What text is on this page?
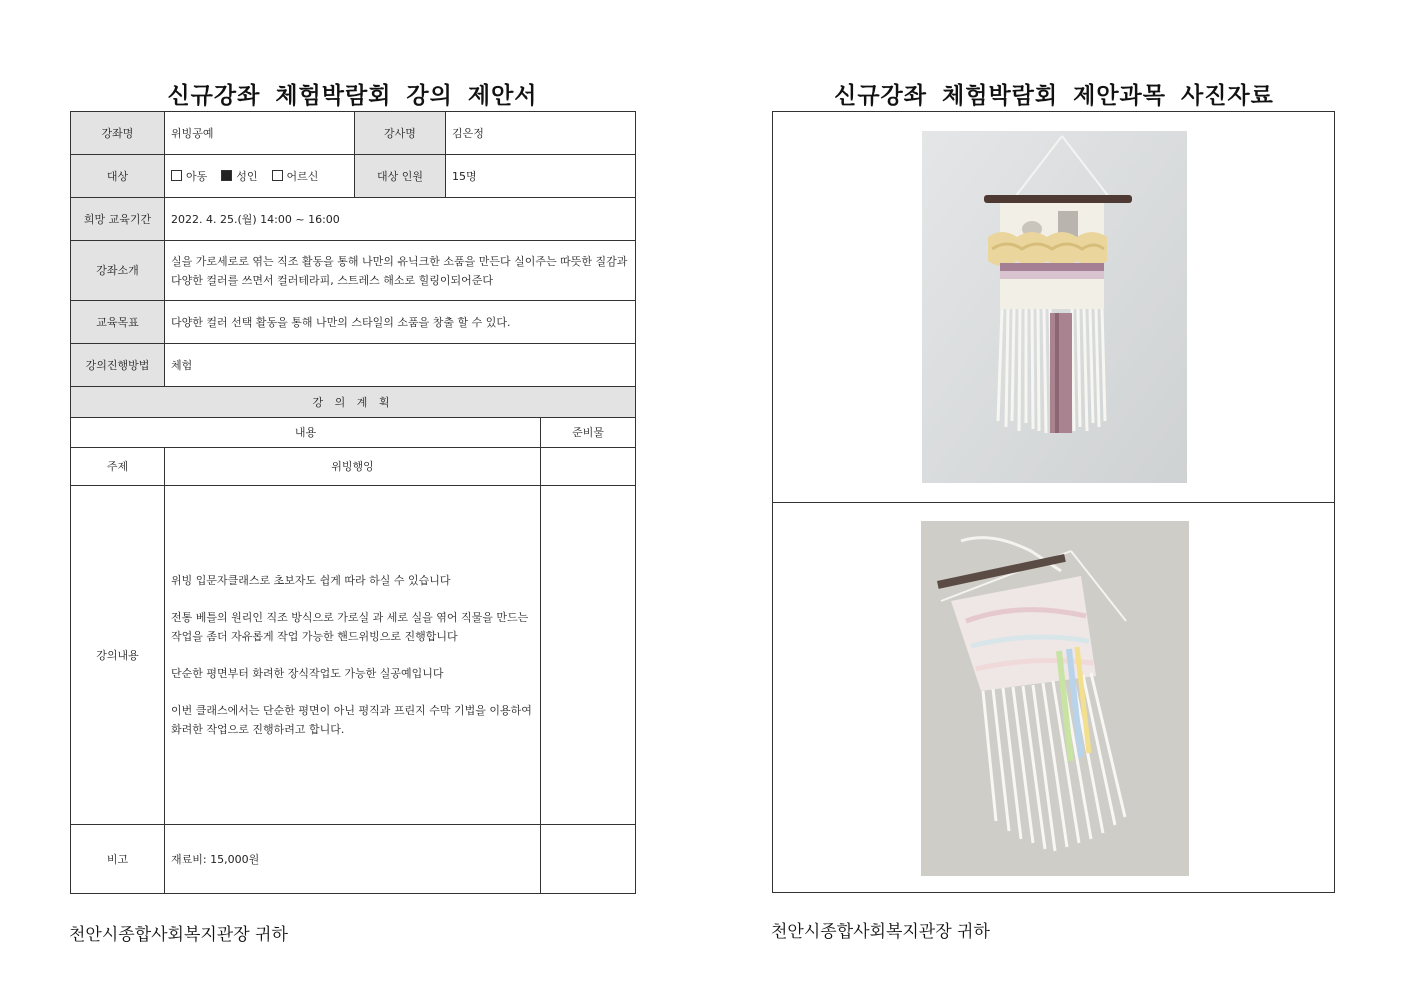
신규강좌 체험박람회 강의 제안서
강좌명	위빙공예	강사명	김은정	
대상	아동 성인 어르신	대상 인원	15명	
희망 교육기간	2022. 4. 25.(월) 14:00 ~ 16:00			
강좌소개	실을 가로세로로 엮는 직조 활동을 통해 나만의 유닉크한 소품을 만든다 실이주는 따뜻한 질감과 다양한 컬러를 쓰면서 컬러테라피, 스트레스 해소로 힐링이되어준다			
교육목표	다양한 컬러 선택 활동을 통해 나만의 스타일의 소품을 창출 할 수 있다.			
강의진행방법	체험			
강 의 계 획				
내용				준비물
주제	위빙행잉			
강의내용	위빙 입문자클래스로 초보자도 쉽게 따라 하실 수 있습니다

전통 베틀의 원리인 직조 방식으로 가로실 과 세로 실을 엮어 직물을 만드는 작업을 좀더 자유롭게 작업 가능한 핸드위빙으로 진행합니다

단순한 평면부터 화려한 장식작업도 가능한 실공예입니다

이번 클래스에서는 단순한 평면이 아닌 평직과 프린지 수막 기법을 이용하여 화려한 작업으로 진행하려고 합니다.			

비고	재료비: 15,000원			
천안시종합사회복지관장 귀하
신규강좌 체험박람회 제안과목 사진자료
천안시종합사회복지관장 귀하
